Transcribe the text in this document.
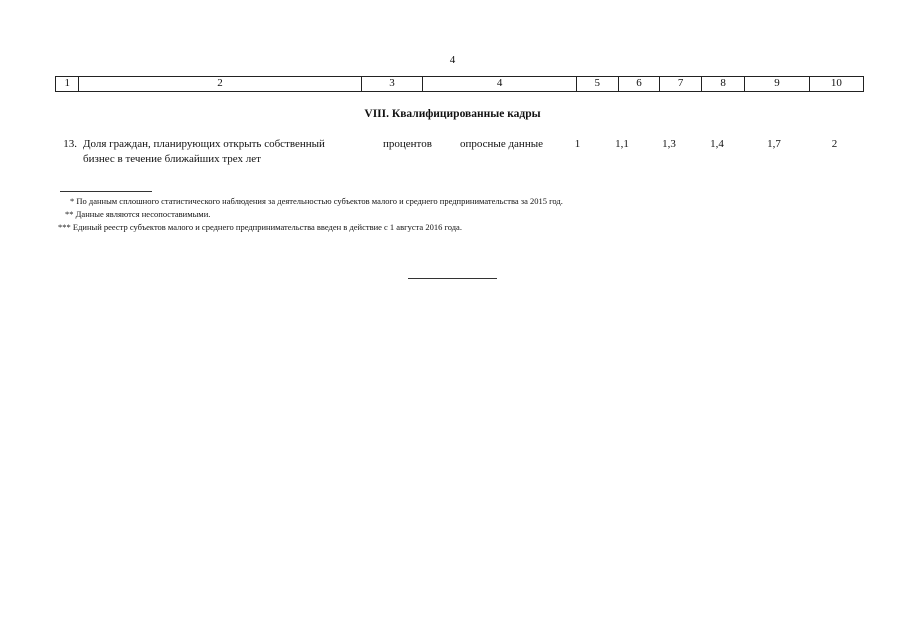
4
1	2	3	4	5	6	7	8	9	10
VIII. Квалифицированные кадры
13. Доля граждан, планирующих открыть собственный
бизнес в течение ближайших трех лет
процентов	опросные данные	1	1,1	1,3	1,4	1,7	2
* По данным сплошного статистического наблюдения за деятельностью субъектов малого и среднего предпринимательства за 2015 год.
** Данные являются несопоставимыми.
*** Единый реестр субъектов малого и среднего предпринимательства введен в действие с 1 августа 2016 года.
